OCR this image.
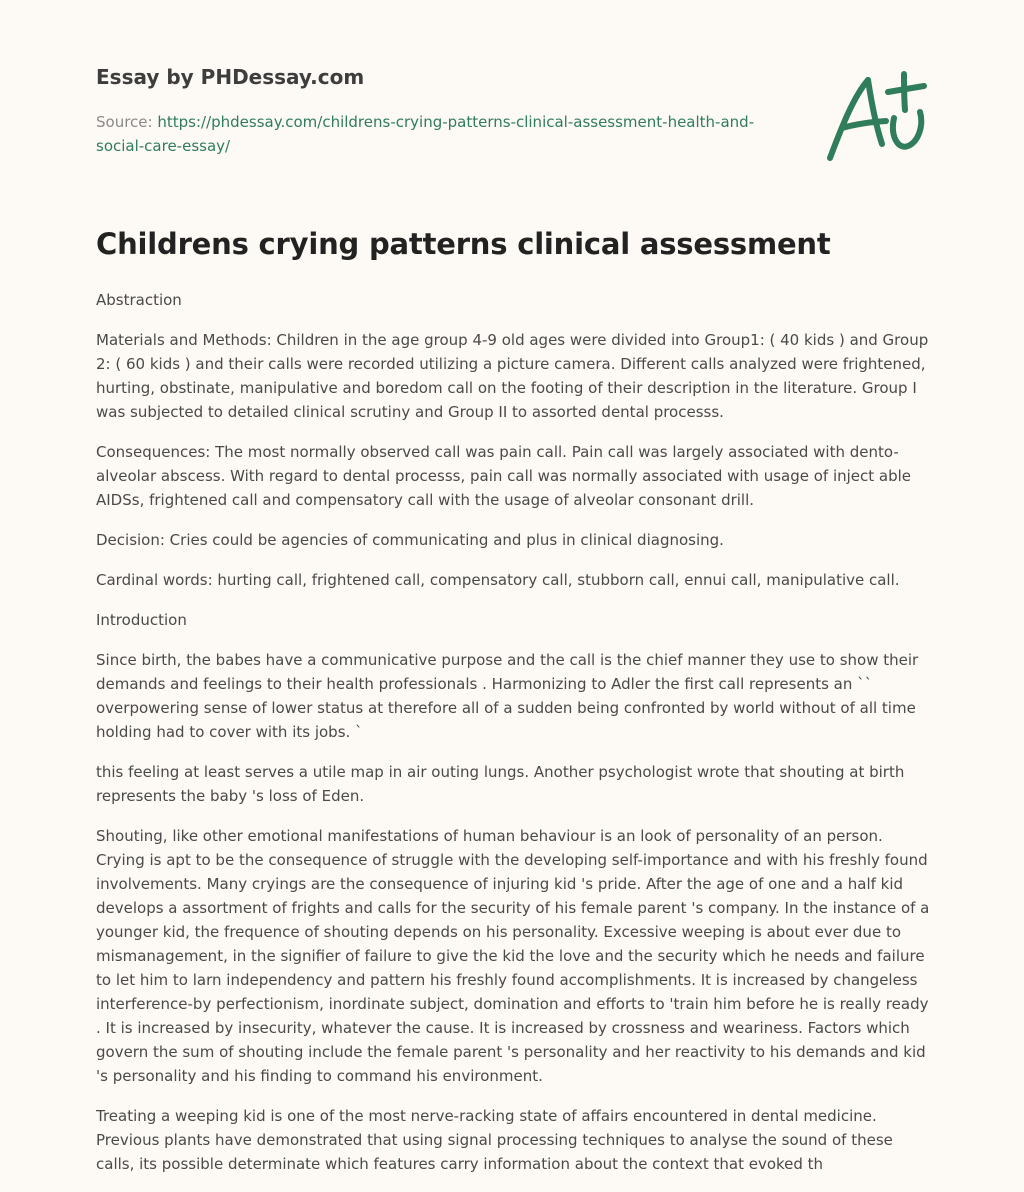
Essay by PHDessay.com
Source: https://phdessay.com/childrens-crying-patterns-clinical-assessment-health-and-social-care-essay/
Childrens crying patterns clinical assessment

Abstraction

Materials and Methods: Children in the age group 4-9 old ages were divided into Group1: ( 40 kids ) and Group 2: ( 60 kids ) and their calls were recorded utilizing a picture camera. Different calls analyzed were frightened, hurting, obstinate, manipulative and boredom call on the footing of their description in the literature. Group I was subjected to detailed clinical scrutiny and Group II to assorted dental processs.

Consequences: The most normally observed call was pain call. Pain call was largely associated with dento-alveolar abscess. With regard to dental processs, pain call was normally associated with usage of inject able AIDSs, frightened call and compensatory call with the usage of alveolar consonant drill.

Decision: Cries could be agencies of communicating and plus in clinical diagnosing.

Cardinal words: hurting call, frightened call, compensatory call, stubborn call, ennui call, manipulative call.

Introduction

Since birth, the babes have a communicative purpose and the call is the chief manner they use to show their demands and feelings to their health professionals . Harmonizing to Adler the first call represents an `` overpowering sense of lower status at therefore all of a sudden being confronted by world without of all time holding had to cover with its jobs. `

this feeling at least serves a utile map in air outing lungs. Another psychologist wrote that shouting at birth represents the baby 's loss of Eden.

Shouting, like other emotional manifestations of human behaviour is an look of personality of an person. Crying is apt to be the consequence of struggle with the developing self-importance and with his freshly found involvements. Many cryings are the consequence of injuring kid 's pride. After the age of one and a half kid develops a assortment of frights and calls for the security of his female parent 's company. In the instance of a younger kid, the frequence of shouting depends on his personality. Excessive weeping is about ever due to mismanagement, in the signifier of failure to give the kid the love and the security which he needs and failure to let him to larn independency and pattern his freshly found accomplishments. It is increased by changeless interference-by perfectionism, inordinate subject, domination and efforts to 'train him before he is really ready . It is increased by insecurity, whatever the cause. It is increased by crossness and weariness. Factors which govern the sum of shouting include the female parent 's personality and her reactivity to his demands and kid 's personality and his finding to command his environment.

Treating a weeping kid is one of the most nerve-racking state of affairs encountered in dental medicine. Previous plants have demonstrated that using signal processing techniques to analyse the sound of these calls, its possible determinate which features carry information about the context that evoked th
